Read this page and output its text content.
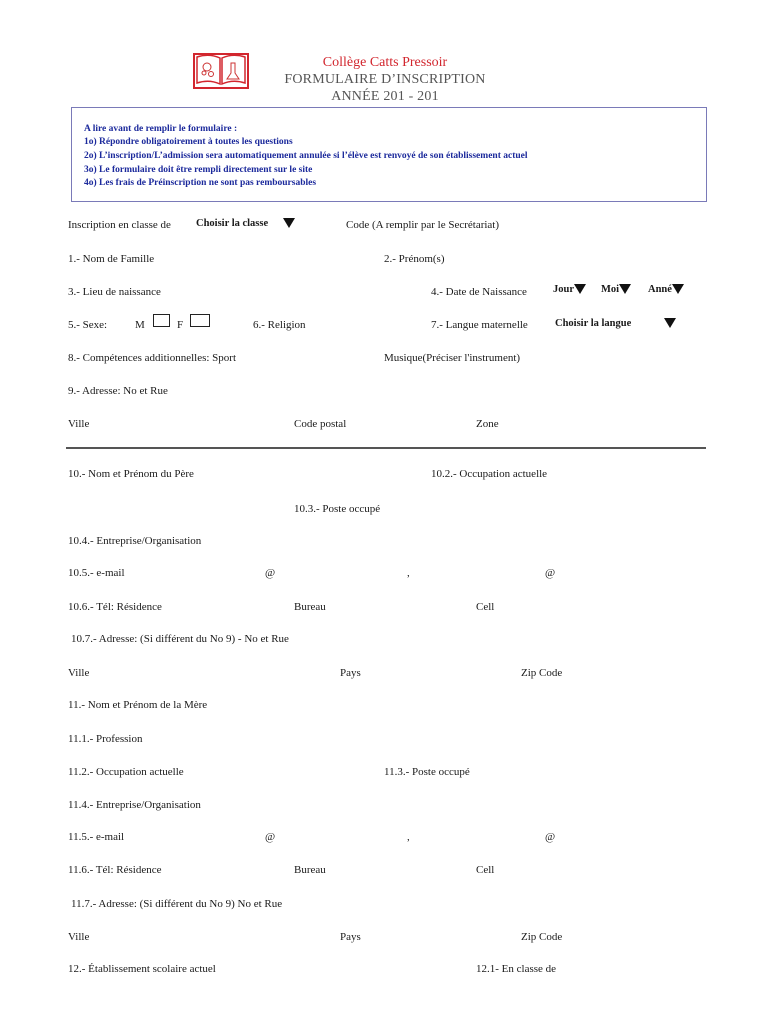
Collège Catts Pressoir
FORMULAIRE D’INSCRIPTION
ANNÉE 201 - 201
A lire avant de remplir le formulaire :
1o) Répondre obligatoirement à toutes les questions
2o) L’inscription/L’admission sera automatiquement annulée si l’élève est renvoyé de son établissement actuel
3o) Le formulaire doit être rempli directement sur le site
4o) Les frais de Préinscription ne sont pas remboursables
Inscription en classe de Choisir la classe	Code (A remplir par le Secrétariat)
1.- Nom de Famille	2.- Prénom(s)
3.- Lieu de naissance	4.- Date de Naissance Jour	Moi	Anné
5.- Sexe:	M	F	6.- Religion	7.- Langue maternelle	Choisir la langue
8.- Compétences additionnelles: Sport	Musique(Préciser l'instrument)
9.- Adresse: No et Rue
Ville	Code postal	Zone
10.- Nom et Prénom du Père	10.2.- Occupation actuelle
10.3.- Poste occupé
10.4.- Entreprise/Organisation
10.5.- e-mail	@	,	@
10.6.- Tél: Résidence	Bureau	Cell
10.7.- Adresse: (Si différent du No 9) - No et Rue
Ville	Pays	Zip Code
11.- Nom et Prénom de la Mère
11.1.- Profession
11.2.- Occupation actuelle	11.3.- Poste occupé
11.4.- Entreprise/Organisation
11.5.- e-mail	@	,	@
11.6.- Tél: Résidence	Bureau	Cell
11.7.- Adresse: (Si différent du No 9) No et Rue
Ville	Pays	Zip Code
12.- Établissement scolaire actuel	12.1- En classe de
